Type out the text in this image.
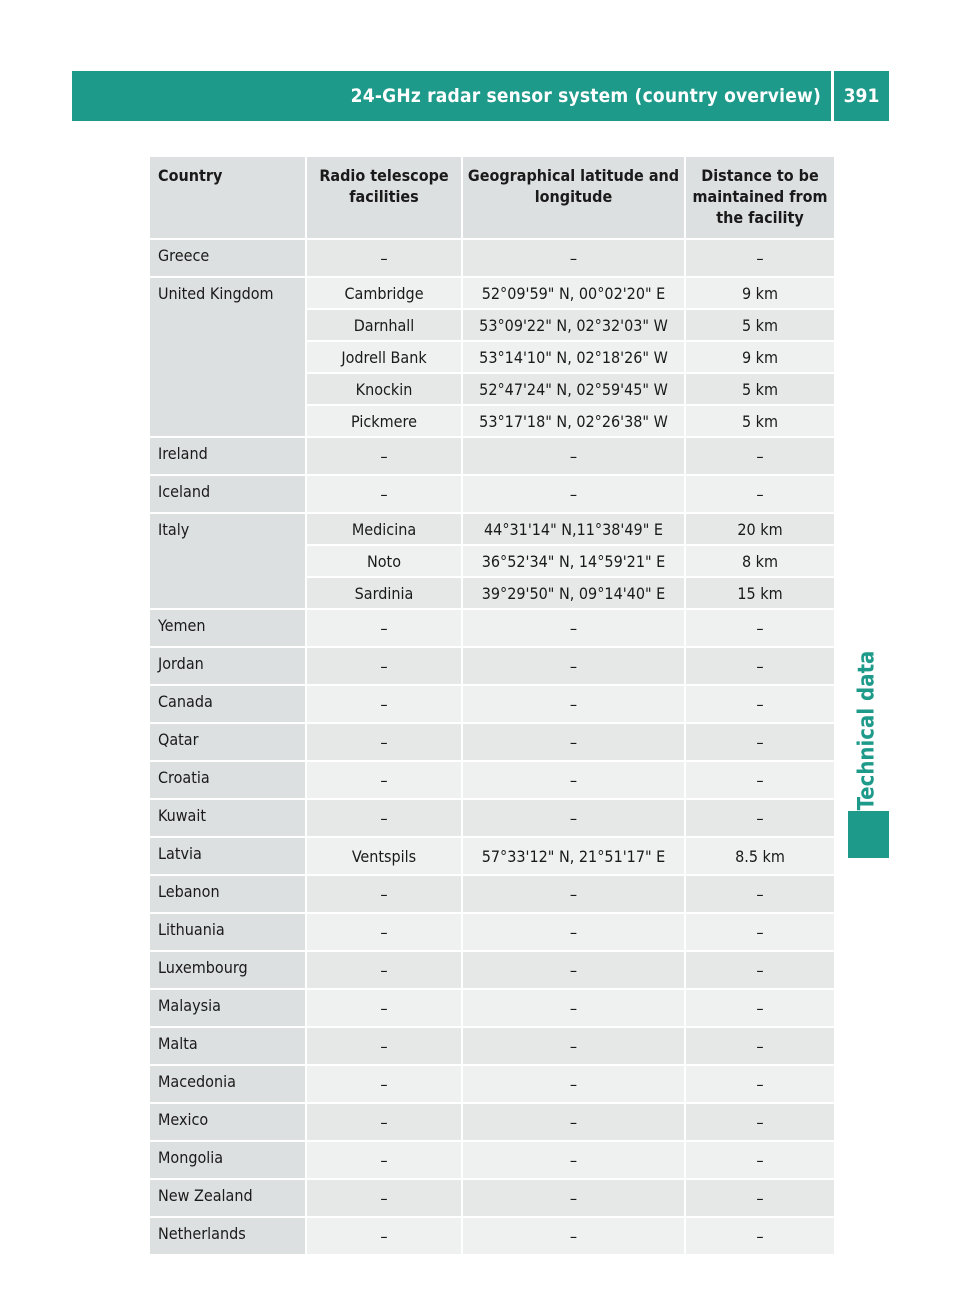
24-GHz radar sensor system (country overview)	391
Technical data
Country	Radio telescope facilities	Geographical latitude and longitude	Distance to be maintained from the facility
Greece	–	–	–
United Kingdom	Cambridge	52°09'59" N, 00°02'20" E	9 km
	Darnhall	53°09'22" N, 02°32'03" W	5 km
	Jodrell Bank	53°14'10" N, 02°18'26" W	9 km
	Knockin	52°47'24" N, 02°59'45" W	5 km
	Pickmere	53°17'18" N, 02°26'38" W	5 km
Ireland	–	–	–
Iceland	–	–	–
Italy	Medicina	44°31'14" N,11°38'49" E	20 km
	Noto	36°52'34" N, 14°59'21" E	8 km
	Sardinia	39°29'50" N, 09°14'40" E	15 km
Yemen	–	–	–
Jordan	–	–	–
Canada	–	–	–
Qatar	–	–	–
Croatia	–	–	–
Kuwait	–	–	–
Latvia	Ventspils	57°33'12" N, 21°51'17" E	8.5 km
Lebanon	–	–	–
Lithuania	–	–	–
Luxembourg	–	–	–
Malaysia	–	–	–
Malta	–	–	–
Macedonia	–	–	–
Mexico	–	–	–
Mongolia	–	–	–
New Zealand	–	–	–
Netherlands	–	–	–
